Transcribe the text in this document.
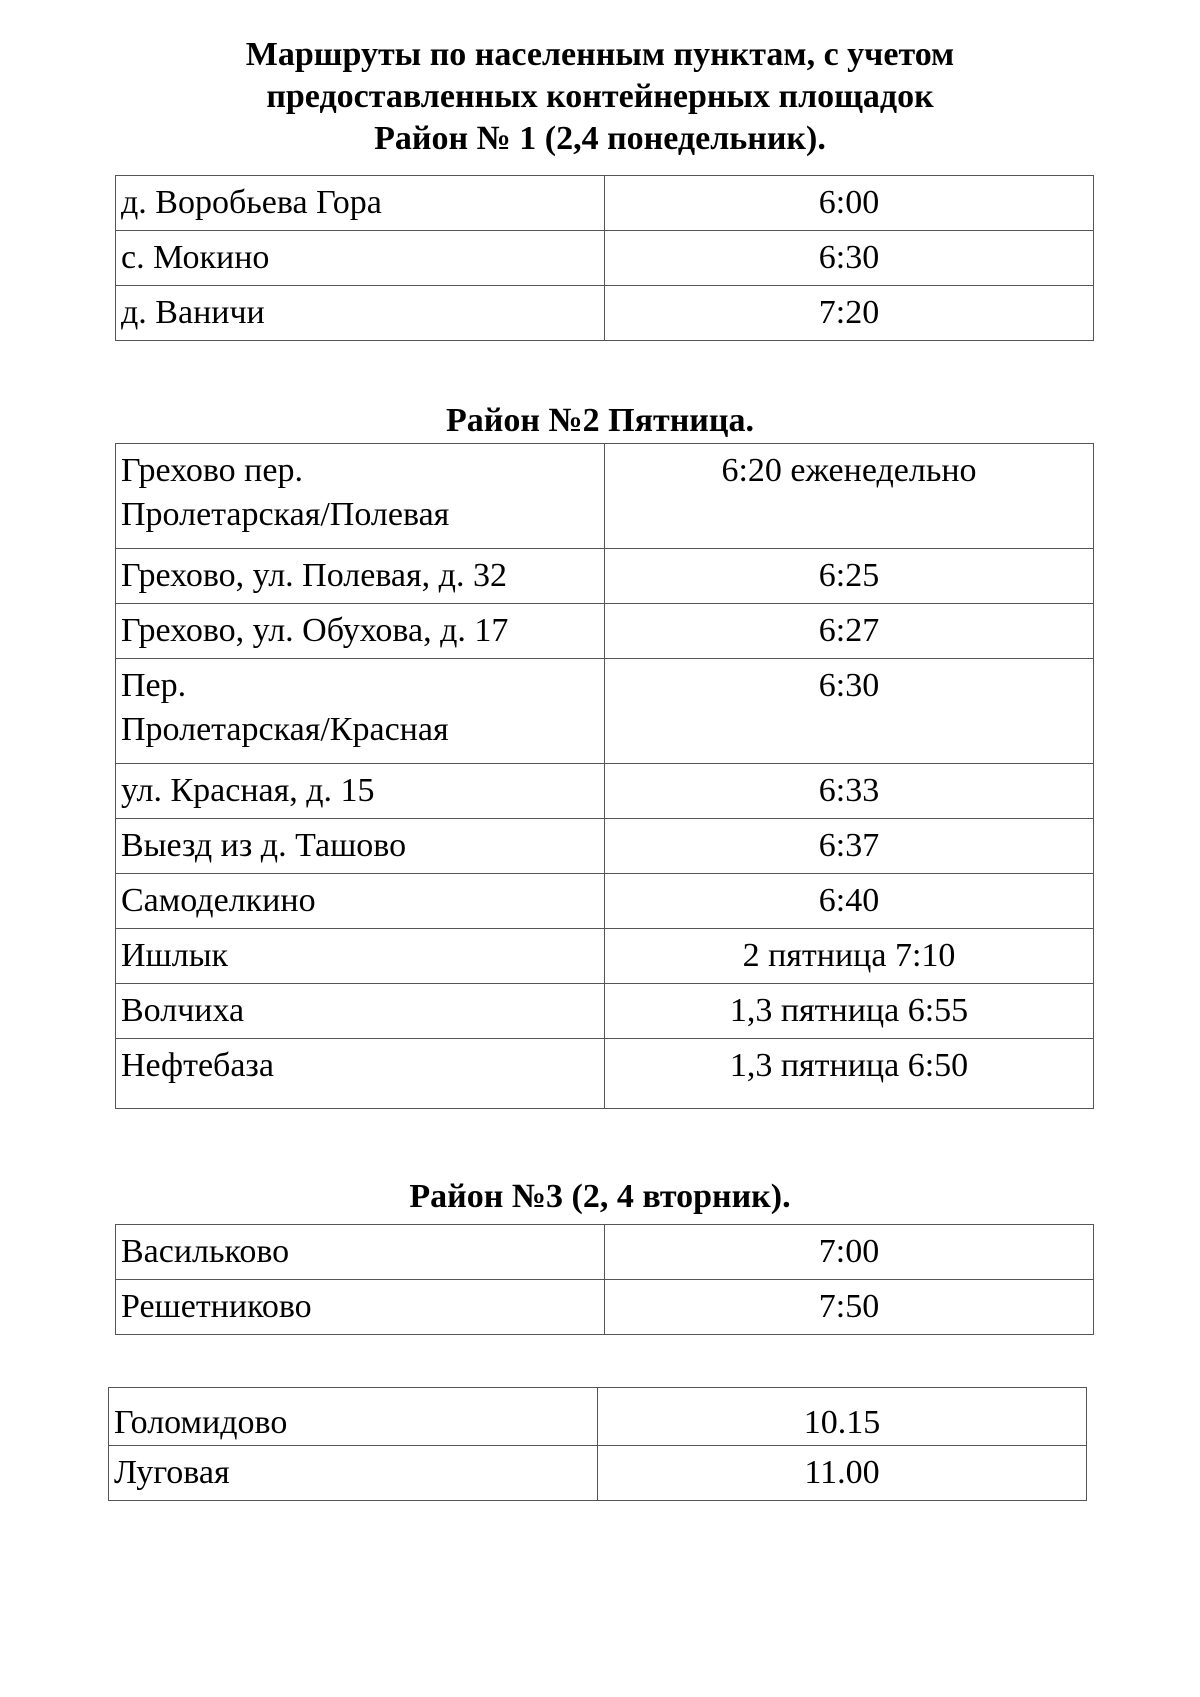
Маршруты по населенным пунктам, с учетом
предоставленных контейнерных площадок
Район № 1 (2,4 понедельник).
д. Воробьева Гора	6:00
с. Мокино	6:30
д. Ваничи	7:20
Район №2 Пятница.
Грехово пер.
Пролетарская/Полевая	6:20 еженедельно
Грехово, ул. Полевая, д. 32	6:25
Грехово, ул. Обухова, д. 17	6:27

Пер.
Пролетарская/Красная	6:30
ул. Красная, д. 15	6:33
Выезд из д. Ташово	6:37
Самоделкино	6:40
Ишлык	2 пятница 7:10
Волчиха	1,3 пятница 6:55
Нефтебаза	1,3 пятница 6:50
Район №3 (2, 4 вторник).
Васильково	7:00
Решетниково	7:50
Голомидово	10.15
Луговая	11.00
